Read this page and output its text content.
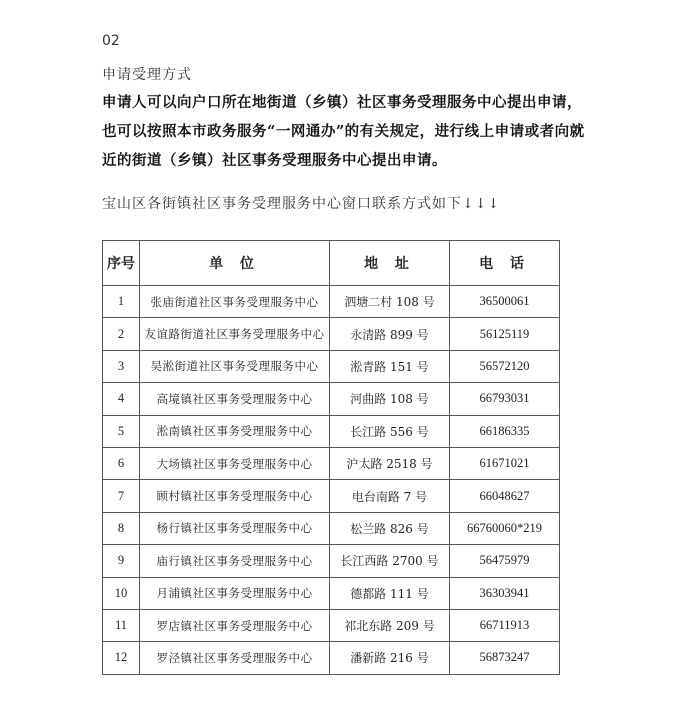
02
申请受理方式
申请人可以向户口所在地街道（乡镇）社区事务受理服务中心提出申请，也可以按照本市政务服务“一网通办”的有关规定，进行线上申请或者向就近的街道（乡镇）社区事务受理服务中心提出申请。
宝山区各街镇社区事务受理服务中心窗口联系方式如下↓↓↓
序号	单 位	地 址	电 话
1	张庙街道社区事务受理服务中心	泗塘二村 108 号	36500061
2	友谊路街道社区事务受理服务中心	永清路 899 号	56125119
3	吴淞街道社区事务受理服务中心	淞青路 151 号	56572120
4	高境镇社区事务受理服务中心	河曲路 108 号	66793031
5	淞南镇社区事务受理服务中心	长江路 556 号	66186335
6	大场镇社区事务受理服务中心	沪太路 2518 号	61671021
7	顾村镇社区事务受理服务中心	电台南路 7 号	66048627
8	杨行镇社区事务受理服务中心	松兰路 826 号	66760060*219
9	庙行镇社区事务受理服务中心	长江西路 2700 号	56475979
10	月浦镇社区事务受理服务中心	德都路 111 号	36303941
11	罗店镇社区事务受理服务中心	祁北东路 209 号	66711913
12	罗泾镇社区事务受理服务中心	潘新路 216 号	56873247
